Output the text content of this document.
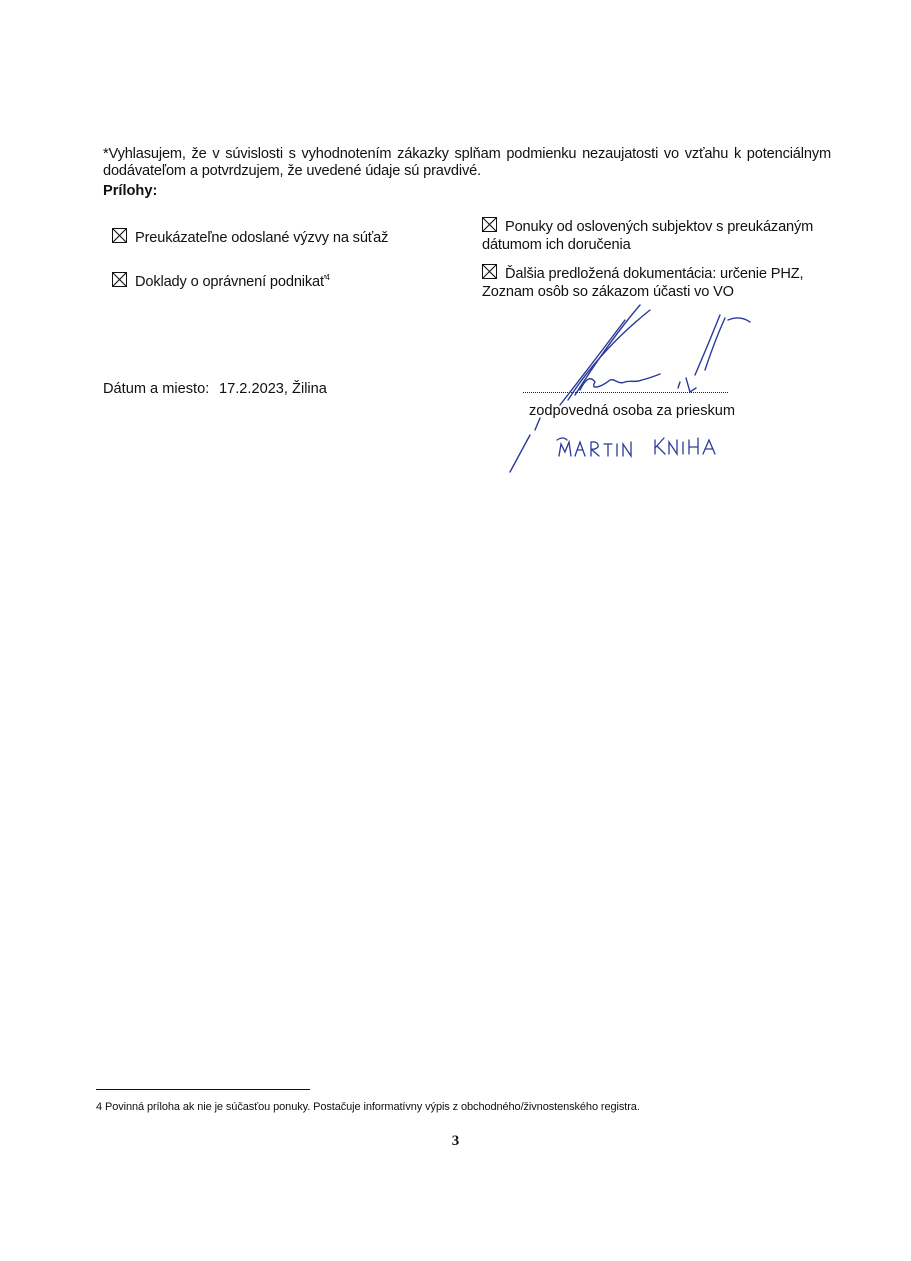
*Vyhlasujem, že v súvislosti s vyhodnotením zákazky splňam podmienku nezaujatosti vo vzťahu k potenciálnym dodávateľom a potvrdzujem, že uvedené údaje sú pravdivé.
Prílohy:
Preukázateľne odoslané výzvy na súťaž
Doklady o oprávnení podnikať$^4$
Ponuky od oslovených subjektov s preukázaným
dátumom ich doručenia
Ďalšia predložená dokumentácia: určenie PHZ,
Zoznam osôb so zákazom účasti vo VO
Dátum a miesto: 17.2.2023, Žilina
zodpovedná osoba za prieskum
4 Povinná príloha ak nie je súčasťou ponuky. Postačuje informatívny výpis z obchodného/živnostenského registra.
3
